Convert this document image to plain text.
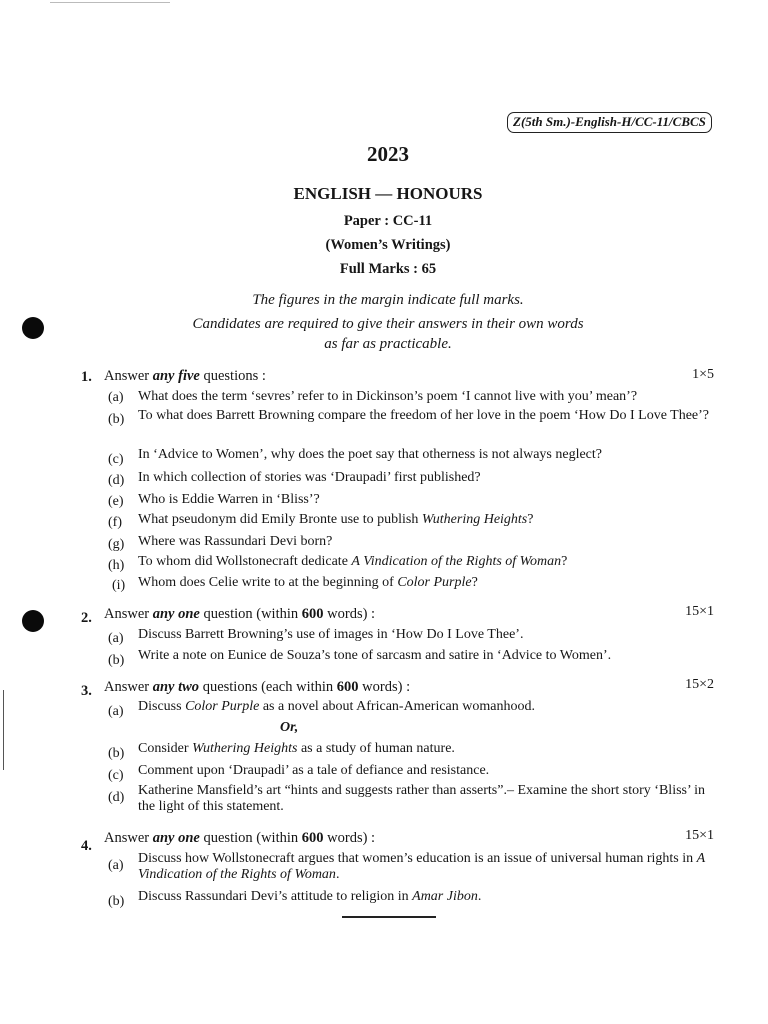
Z(5th Sm.)-English-H/CC-11/CBCS
2023
ENGLISH — HONOURS
Paper : CC-11
(Women’s Writings)
Full Marks : 65
The figures in the margin indicate full marks.
Candidates are required to give their answers in their own words
as far as practicable.
1. Answer any five questions :	1×5
(a) What does the term ‘sevres’ refer to in Dickinson’s poem ‘I cannot live with you’ mean’?
(b) To what does Barrett Browning compare the freedom of her love in the poem ‘How Do I Love Thee’?
(c) In ‘Advice to Women’, why does the poet say that otherness is not always neglect?
(d) In which collection of stories was ‘Draupadi’ first published?
(e) Who is Eddie Warren in ‘Bliss’?
(f) What pseudonym did Emily Bronte use to publish Wuthering Heights?
(g) Where was Rassundari Devi born?
(h) To whom did Wollstonecraft dedicate A Vindication of the Rights of Woman?
(i) Whom does Celie write to at the beginning of Color Purple?
2. Answer any one question (within 600 words) :	15×1
(a) Discuss Barrett Browning’s use of images in ‘How Do I Love Thee’.
(b) Write a note on Eunice de Souza’s tone of sarcasm and satire in ‘Advice to Women’.
3. Answer any two questions (each within 600 words) :	15×2
(a) Discuss Color Purple as a novel about African-American womanhood.
Or,
(b) Consider Wuthering Heights as a study of human nature.
(c) Comment upon ‘Draupadi’ as a tale of defiance and resistance.
(d) Katherine Mansfield’s art “hints and suggests rather than asserts”.– Examine the short story ‘Bliss’ in the light of this statement.
4. Answer any one question (within 600 words) :	15×1
(a) Discuss how Wollstonecraft argues that women’s education is an issue of universal human rights in A Vindication of the Rights of Woman.
(b) Discuss Rassundari Devi’s attitude to religion in Amar Jibon.
